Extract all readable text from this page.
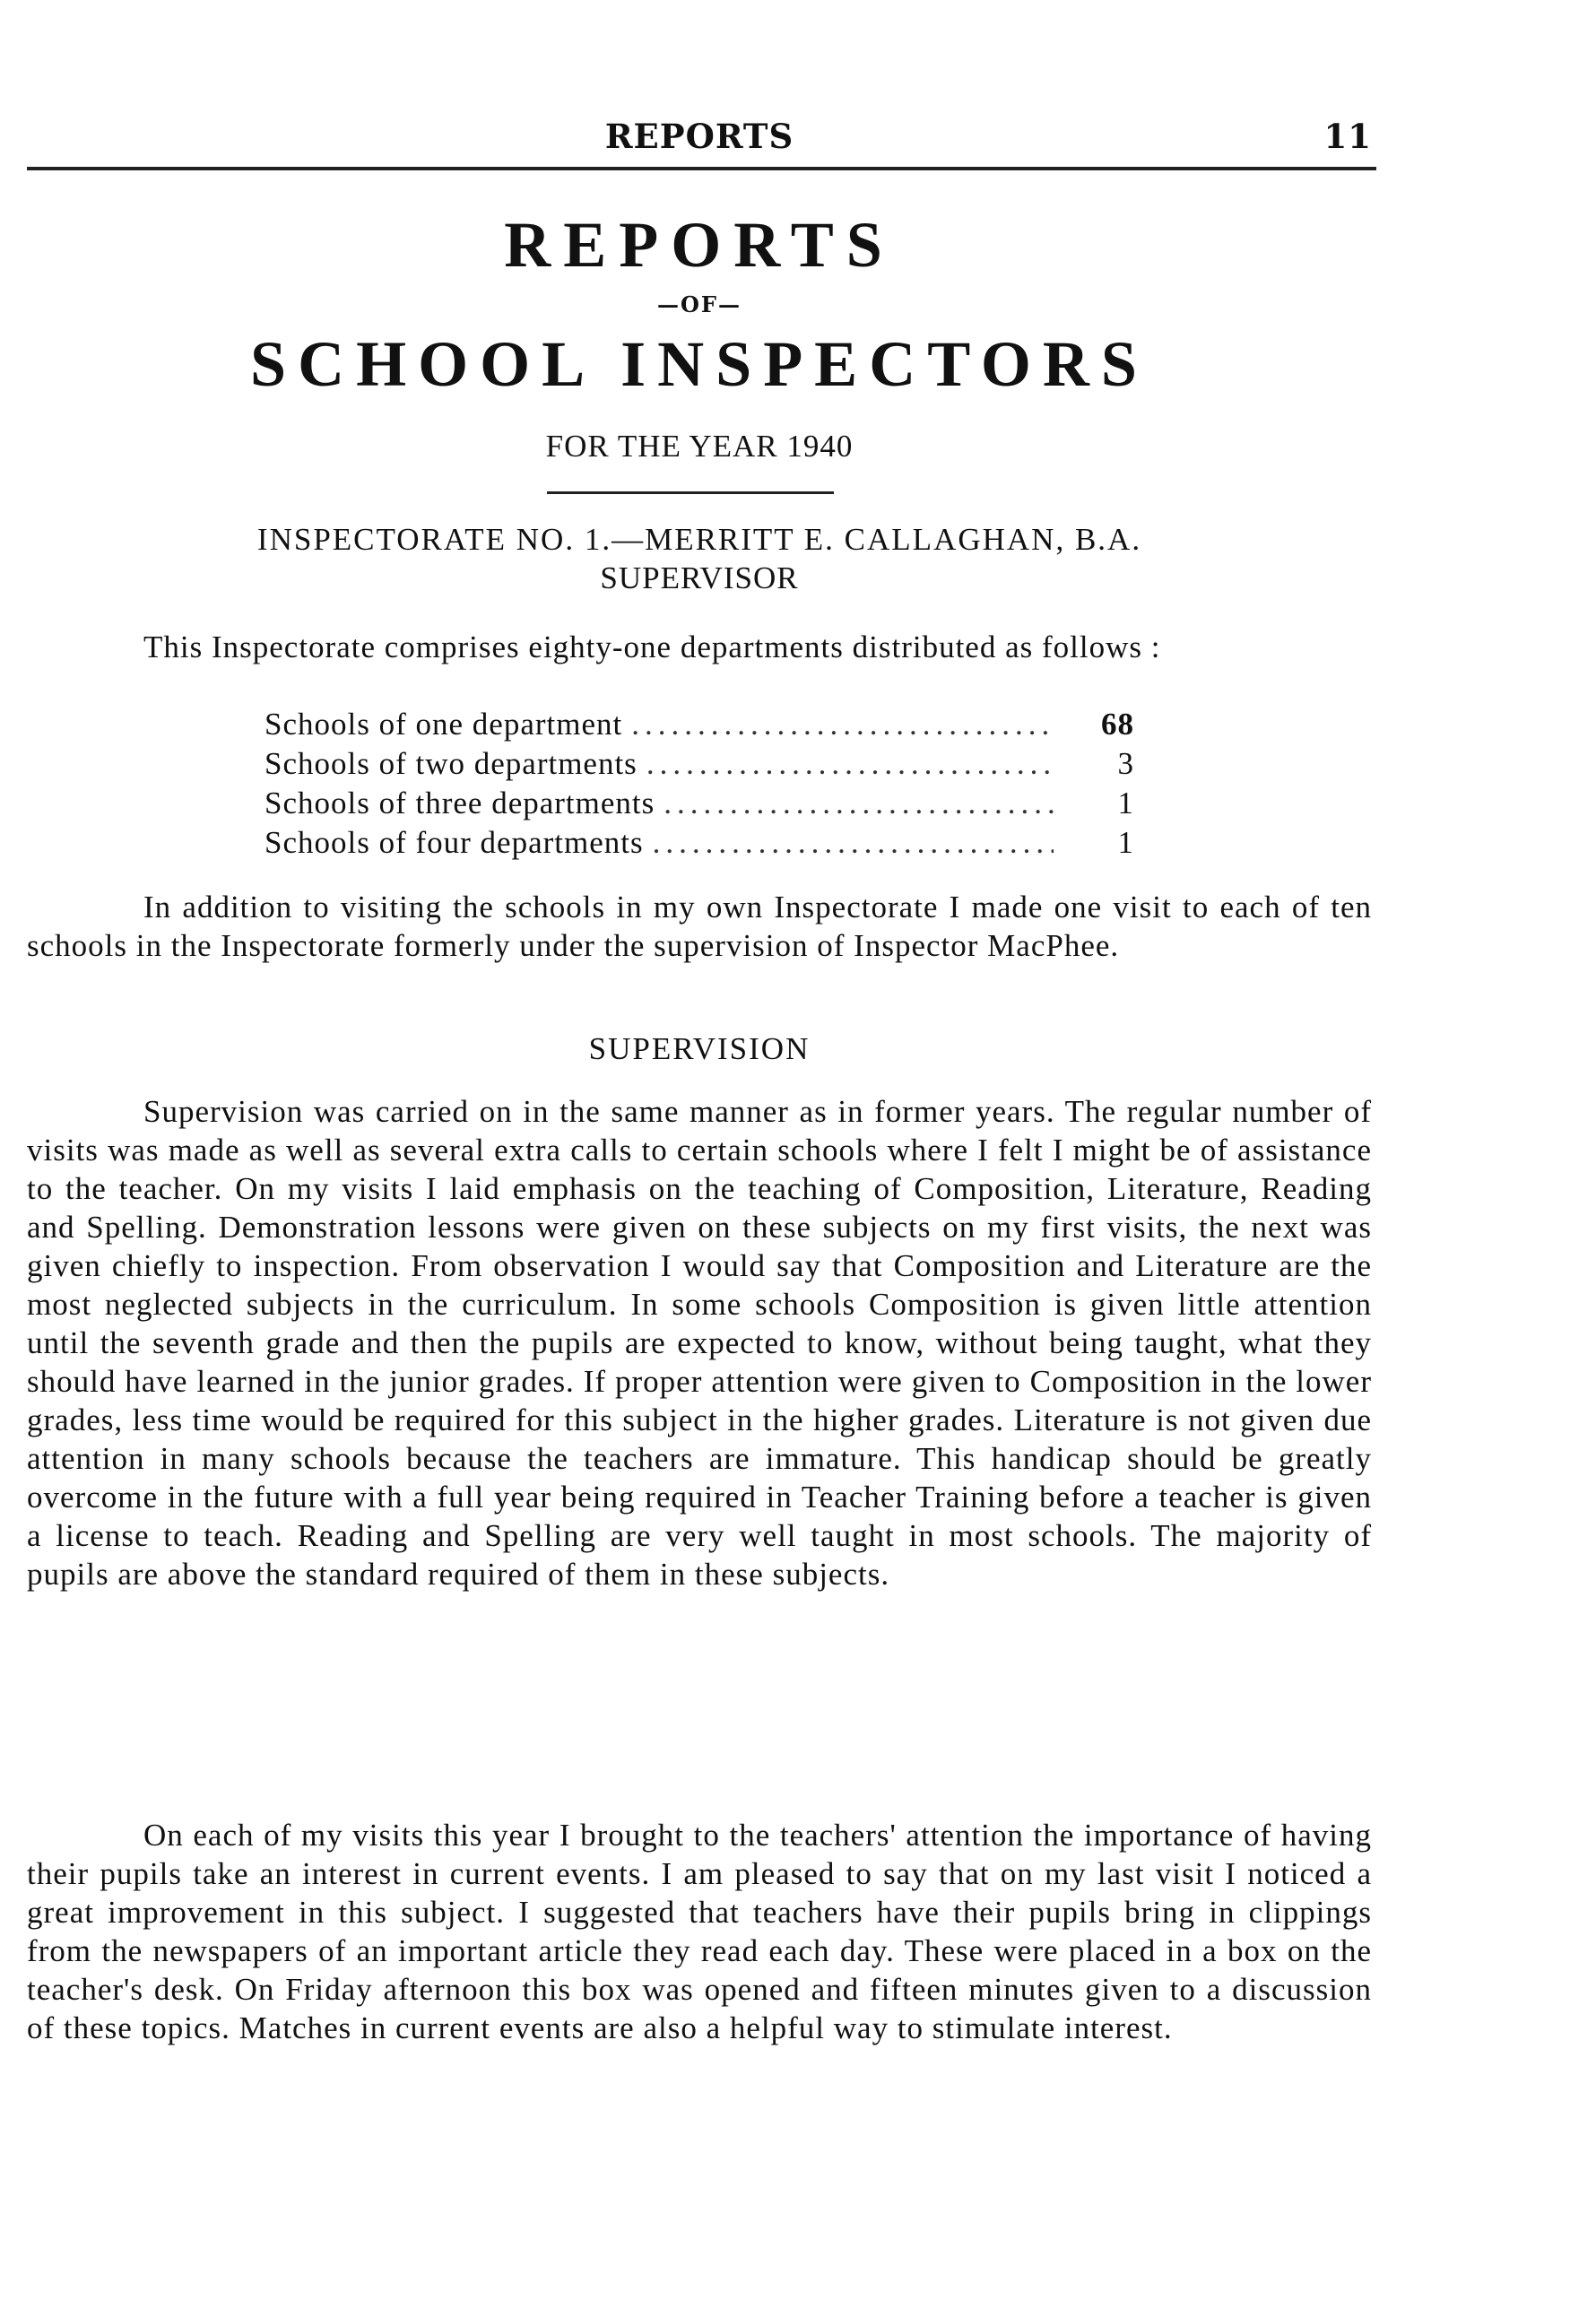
REPORTS	11
REPORTS
—OF—
SCHOOL INSPECTORS
FOR THE YEAR 1940
INSPECTORATE NO. 1.—MERRITT E. CALLAGHAN, B.A.
SUPERVISOR

This Inspectorate comprises eighty-one departments distributed as follows :

Schools of one department .....	68
Schools of two departments .....	3
Schools of three departments .....	1
Schools of four departments .....	1

In addition to visiting the schools in my own Inspectorate I made one visit to each of ten schools in the Inspectorate formerly under the supervision of Inspector MacPhee.

SUPERVISION

Supervision was carried on in the same manner as in former years. The regular number of visits was made as well as several extra calls to certain schools where I felt I might be of assistance to the teacher. On my visits I laid emphasis on the teaching of Composition, Literature, Reading and Spelling. Demonstration lessons were given on these subjects on my first visits, the next was given chiefly to inspection. From observation I would say that Composition and Literature are the most neglected subjects in the curriculum. In some schools Composition is given little attention until the seventh grade and then the pupils are expected to know, without being taught, what they should have learned in the junior grades. If proper attention were given to Composition in the lower grades, less time would be required for this subject in the higher grades. Literature is not given due attention in many schools because the teachers are immature. This handicap should be greatly overcome in the future with a full year being required in Teacher Training before a teacher is given a license to teach. Reading and Spelling are very well taught in most schools. The majority of pupils are above the standard required of them in these subjects.

On each of my visits this year I brought to the teachers' attention the importance of having their pupils take an interest in current events. I am pleased to say that on my last visit I noticed a great improvement in this subject. I suggested that teachers have their pupils bring in clippings from the newspapers of an important article they read each day. These were placed in a box on the teacher's desk. On Friday afternoon this box was opened and fifteen minutes given to a discussion of these topics. Matches in current events are also a helpful way to stimulate interest.
